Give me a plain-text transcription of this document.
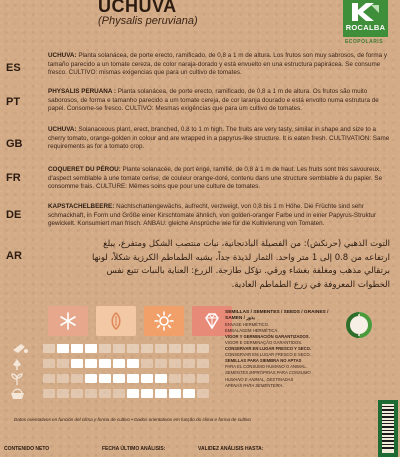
UCHUVA
(Physalis peruviana)
ROCALBA
ECOPOLARIS
ES
UCHUVA: Planta solanácea, de porte erecto, ramificado, de 0,8 a 1 m de altura. Los frutos son muy sabrosos, de forma y tamaño parecido a un tomate cereza, de color naraja-dorado y está envuelto en una estructura papirácea. Se consume fresco. CULTIVO: mismas exigencias que para un cultivo de tomates.
PT
PHYSALIS PERUANA : Planta solanácea, de porte erecto, ramificado, de 0,8 a 1 m de altura. Os frutos são muito saborosos, de forma e tamanho parecido a um tomate cereja, de cor laranja dourado e está envolto numa estrutura de papel. Consome-se fresco. CULTIVO: Mesmas exigências que para um cultivo de tomates.
GB
UCHUVA: Solanaceous plant, erect, branched, 0.8 to 1 m high. The fruits are very tasty, similar in shape and size to a cherry tomato, orange-golden in colour and are wrapped in a papyrus-like structure. It is eaten fresh. CULTIVATION: Same requirements as for a tomato crop.
FR
COQUERET DU PÉROU: Plante solanacée, de port érigé, ramifié, de 0,8 à 1 m de haut. Les fruits sont très savoureux, d'aspect semblable à une tomate cerise, de couleur orange-doré, contenu dans une structure semblable à du papier. Se consomme frais. CULTURE: Mêmes soins que pour une culture de tomates.
DE
KAPSTACHELBEERE: Nachtschattengewächs, aufrecht, verzweigt, von 0,8 bis 1 m Höhe. Die Früchte sind sehr schmackhaft, in Form und Größe einer Kirschtomate ähnlich, von golden-oranger Farbe und in einer Papyrus-Struktur gewickelt. Konsumiert man frisch. ANBAU: gleiche Ansprüche wie für die Kultivierung von Tomaten.
AR
التوت الذهبي (حرنكش): من الفصيلة الباذنجانية، نبات منتصب الشكل ومتفرع، يبلغ ارتفاعه من 0.8 إلى 1 متر واحد. الثمار لذيذة جداً، يشبه الطماطم الكرزية شكلاً، لونها برتقالي مذهب ومغلفة بغشاء ورقي. تؤكل طازجة. الزرع: العناية بالنبات تتبع نفس الخطوات المعروفة في زرع الطماطم العادية.
SEMILLAS / SEMENTES / SEEDS / GRAINES / SAMEN / بذور
ENVASE HERMÉTICO.
EMBALAGEM HERMÉTICA.
VIGOR Y GERMINACIÓN GARANTIZADOS.
VIGOR E GERMINAÇÃO GARANTIDOS.
CONSERVAR EN LUGAR FRESCO Y SECO.
CONSERVAR EM LUGAR FRESCO E SECO.
SEMILLAS PARA SIEMBRA NO APTAS
PARA EL CONSUMO HUMANO O ANIMAL.
SEMENTES IMPRÓPRIAS PARA CONSUMO
HUMANO E ANIMAL, DESTINADAS
APENAS PARA SEMENTEIRA.
Datos orientativos en función del clima y forma de cultivo • Dados orientativos em função do clima e forma de cultivo
CONTENIDO NETO	FECHA ÚLTIMO ANÁLISIS:	VALIDEZ ANÁLISIS HASTA:
